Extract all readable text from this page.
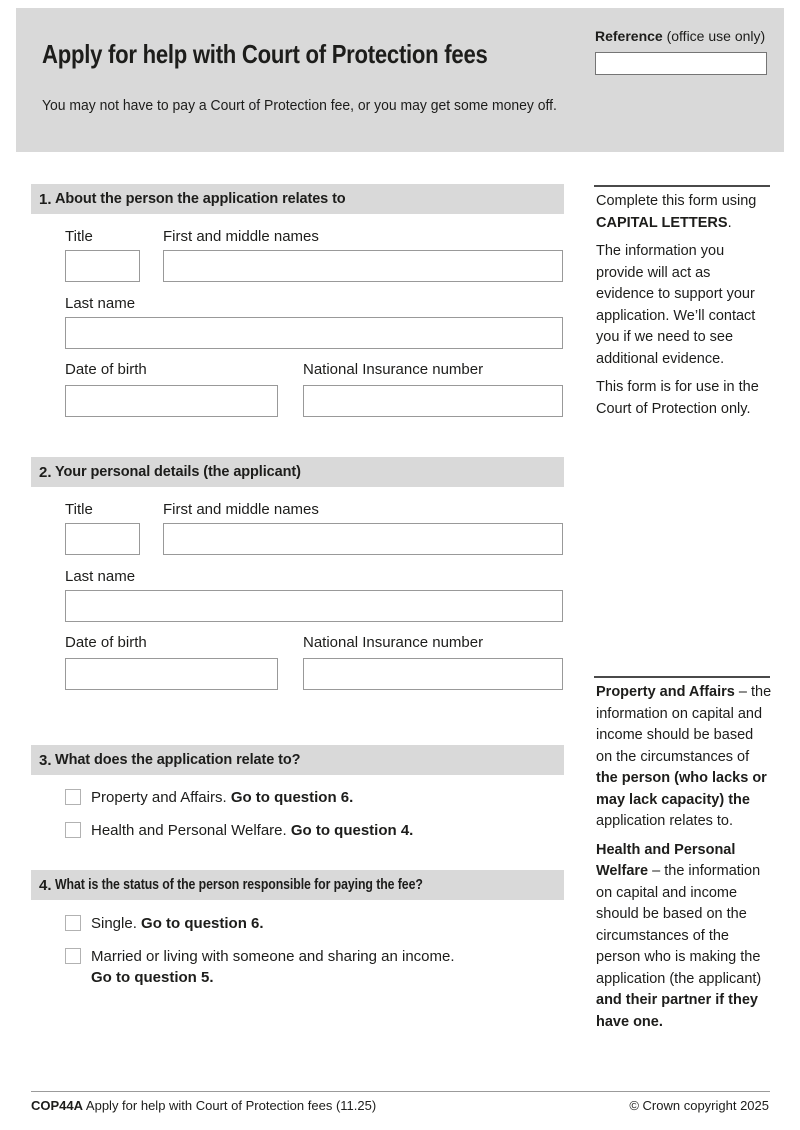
Apply for help with Court of Protection fees
You may not have to pay a Court of Protection fee, or you may get some money off.
Reference (office use only)
1. About the person the application relates to
Title	First and middle names
Last name
Date of birth	National Insurance number
2. Your personal details (the applicant)
Title	First and middle names
Last name
Date of birth	National Insurance number
3. What does the application relate to?
Property and Affairs. Go to question 6.
Health and Personal Welfare. Go to question 4.
4. What is the status of the person responsible for paying the fee?
Single. Go to question 6.
Married or living with someone and sharing an income.
Go to question 5.

Complete this form using CAPITAL LETTERS.

The information you provide will act as evidence to support your application. We’ll contact you if we need to see additional evidence.

This form is for use in the Court of Protection only.

Property and Affairs – the information on capital and income should be based on the circumstances of the person (who lacks or may lack capacity) the application relates to.

Health and Personal Welfare – the information on capital and income should be based on the circumstances of the person who is making the application (the applicant) and their partner if they have one.

COP44A Apply for help with Court of Protection fees (11.25)	© Crown copyright 2025
